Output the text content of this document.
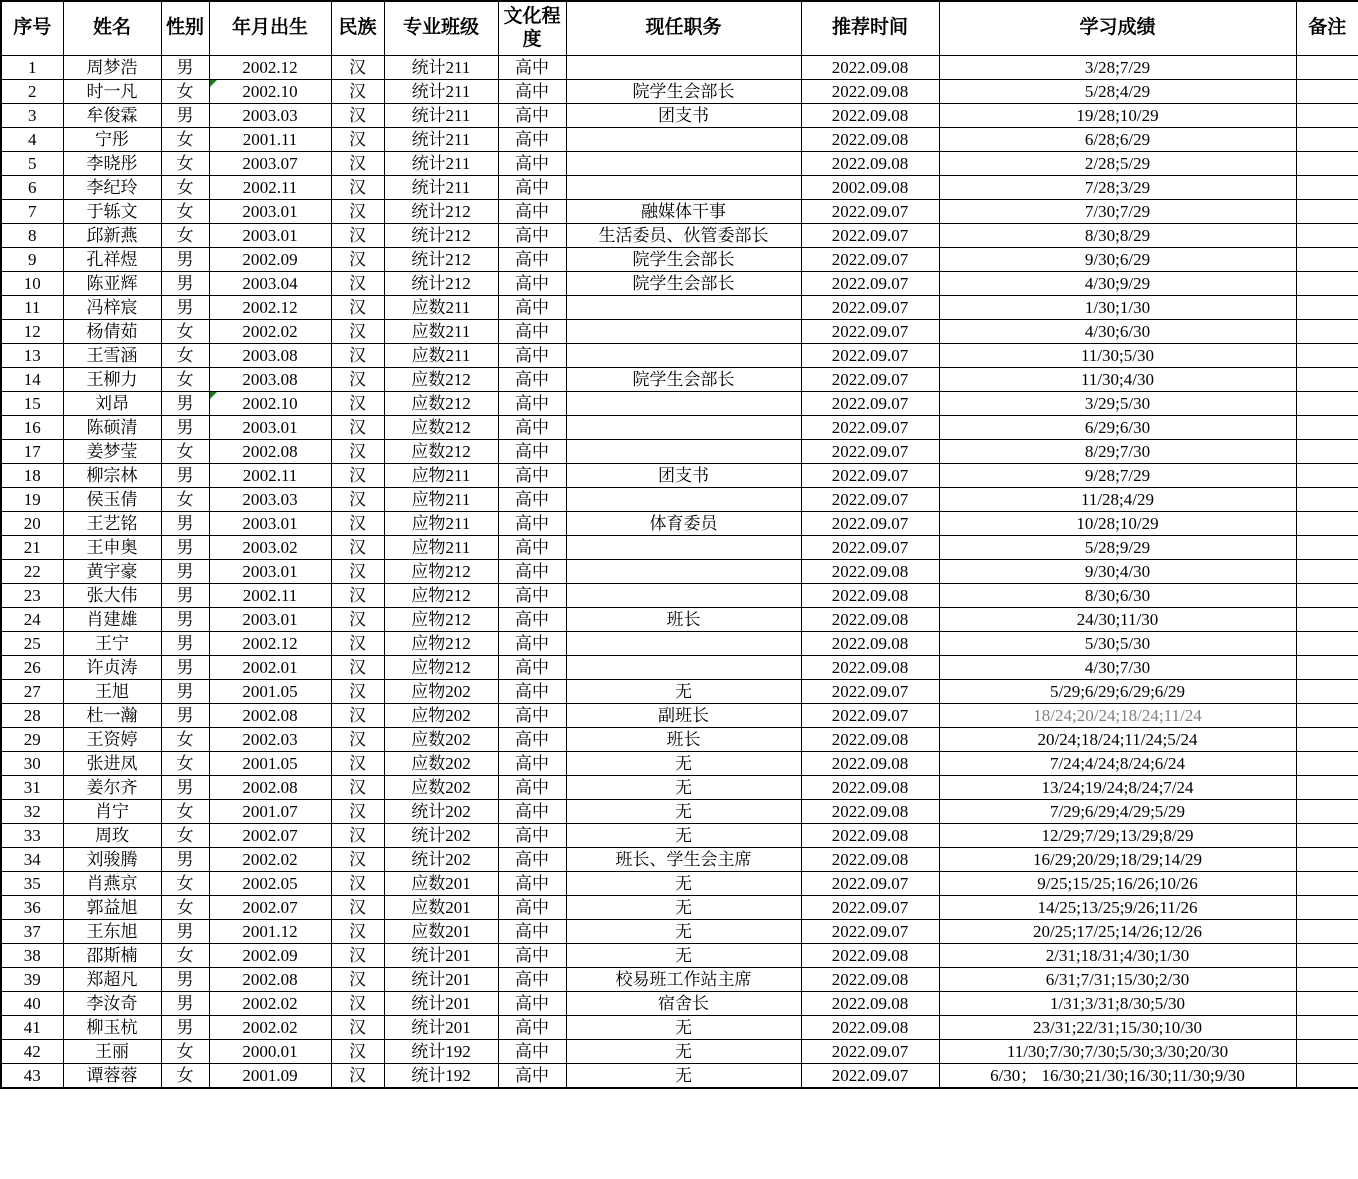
序号	姓名	性别	年月出生	民族	专业班级	文化程度	现任职务	推荐时间	学习成绩	备注
1	周梦浩	男	2002.12	汉	统计211	高中		2022.09.08	3/28;7/29	
2	时一凡	女	2002.10	汉	统计211	高中	院学生会部长	2022.09.08	5/28;4/29	
3	牟俊霖	男	2003.03	汉	统计211	高中	团支书	2022.09.08	19/28;10/29	
4	宁彤	女	2001.11	汉	统计211	高中		2022.09.08	6/28;6/29	
5	李晓彤	女	2003.07	汉	统计211	高中		2022.09.08	2/28;5/29	
6	李纪玲	女	2002.11	汉	统计211	高中		2002.09.08	7/28;3/29	
7	于轹文	女	2003.01	汉	统计212	高中	融媒体干事	2022.09.07	7/30;7/29	
8	邱新燕	女	2003.01	汉	统计212	高中	生活委员、伙管委部长	2022.09.07	8/30;8/29	
9	孔祥煜	男	2002.09	汉	统计212	高中	院学生会部长	2022.09.07	9/30;6/29	
10	陈亚辉	男	2003.04	汉	统计212	高中	院学生会部长	2022.09.07	4/30;9/29	
11	冯梓宸	男	2002.12	汉	应数211	高中		2022.09.07	1/30;1/30	
12	杨倩茹	女	2002.02	汉	应数211	高中		2022.09.07	4/30;6/30	
13	王雪涵	女	2003.08	汉	应数211	高中		2022.09.07	11/30;5/30	
14	王柳力	女	2003.08	汉	应数212	高中	院学生会部长	2022.09.07	11/30;4/30	
15	刘昂	男	2002.10	汉	应数212	高中		2022.09.07	3/29;5/30	
16	陈硕清	男	2003.01	汉	应数212	高中		2022.09.07	6/29;6/30	
17	姜梦莹	女	2002.08	汉	应数212	高中		2022.09.07	8/29;7/30	
18	柳宗林	男	2002.11	汉	应物211	高中	团支书	2022.09.07	9/28;7/29	
19	侯玉倩	女	2003.03	汉	应物211	高中		2022.09.07	11/28;4/29	
20	王艺铭	男	2003.01	汉	应物211	高中	体育委员	2022.09.07	10/28;10/29	
21	王申奥	男	2003.02	汉	应物211	高中		2022.09.07	5/28;9/29	
22	黄宇豪	男	2003.01	汉	应物212	高中		2022.09.08	9/30;4/30	
23	张大伟	男	2002.11	汉	应物212	高中		2022.09.08	8/30;6/30	
24	肖建雄	男	2003.01	汉	应物212	高中	班长	2022.09.08	24/30;11/30	
25	王宁	男	2002.12	汉	应物212	高中		2022.09.08	5/30;5/30	
26	许贞涛	男	2002.01	汉	应物212	高中		2022.09.08	4/30;7/30	
27	王旭	男	2001.05	汉	应物202	高中	无	2022.09.07	5/29;6/29;6/29;6/29	
28	杜一瀚	男	2002.08	汉	应物202	高中	副班长	2022.09.07	18/24;20/24;18/24;11/24	
29	王资婷	女	2002.03	汉	应数202	高中	班长	2022.09.08	20/24;18/24;11/24;5/24	
30	张进凤	女	2001.05	汉	应数202	高中	无	2022.09.08	7/24;4/24;8/24;6/24	
31	姜尔齐	男	2002.08	汉	应数202	高中	无	2022.09.08	13/24;19/24;8/24;7/24	
32	肖宁	女	2001.07	汉	统计202	高中	无	2022.09.08	7/29;6/29;4/29;5/29	
33	周玫	女	2002.07	汉	统计202	高中	无	2022.09.08	12/29;7/29;13/29;8/29	
34	刘骏腾	男	2002.02	汉	统计202	高中	班长、学生会主席	2022.09.08	16/29;20/29;18/29;14/29	
35	肖燕京	女	2002.05	汉	应数201	高中	无	2022.09.07	9/25;15/25;16/26;10/26	
36	郭益旭	女	2002.07	汉	应数201	高中	无	2022.09.07	14/25;13/25;9/26;11/26	
37	王东旭	男	2001.12	汉	应数201	高中	无	2022.09.07	20/25;17/25;14/26;12/26	
38	邵斯楠	女	2002.09	汉	统计201	高中	无	2022.09.08	2/31;18/31;4/30;1/30	
39	郑超凡	男	2002.08	汉	统计201	高中	校易班工作站主席	2022.09.08	6/31;7/31;15/30;2/30	
40	李汝奇	男	2002.02	汉	统计201	高中	宿舍长	2022.09.08	1/31;3/31;8/30;5/30	
41	柳玉杭	男	2002.02	汉	统计201	高中	无	2022.09.08	23/31;22/31;15/30;10/30	
42	王丽	女	2000.01	汉	统计192	高中	无	2022.09.07	11/30;7/30;7/30;5/30;3/30;20/30	
43	谭蓉蓉	女	2001.09	汉	统计192	高中	无	2022.09.07	6/30； 16/30;21/30;16/30;11/30;9/30	
